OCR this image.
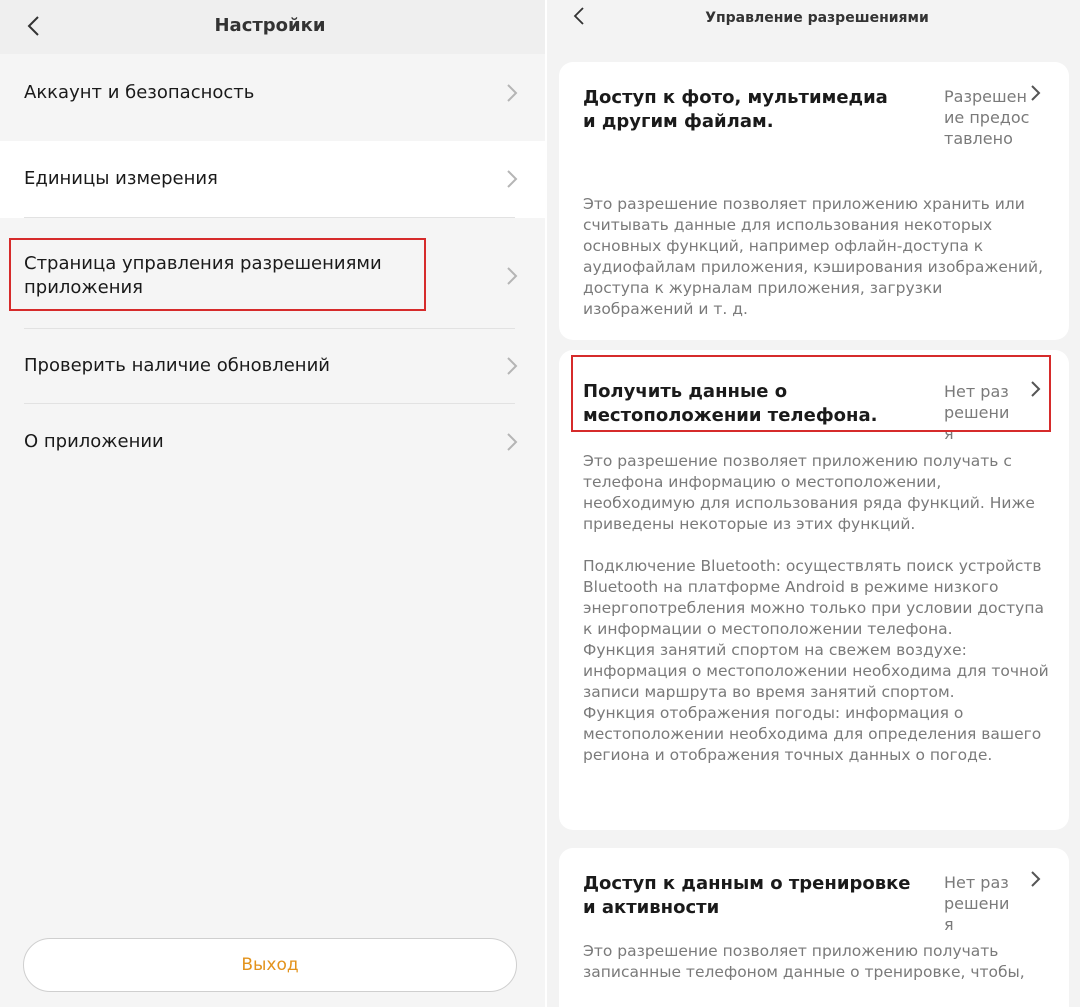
Настройки
Аккаунт и безопасность
Единицы измерения
Страница управления разрешениями
приложения
Проверить наличие обновлений
О приложении
Выход
Управление разрешениями
Доступ к фото, мультимедиа и другим файлам.
Разрешение предоставлено
Это разрешение позволяет приложению хранить или считывать данные для использования некоторых основных функций, например офлайн-доступа к аудиофайлам приложения, кэширования изображений, доступа к журналам приложения, загрузки изображений и т. д.
Получить данные о местоположении телефона.
Нет разрешения
Это разрешение позволяет приложению получать с телефона информацию о местоположении, необходимую для использования ряда функций. Ниже приведены некоторые из этих функций.

Подключение Bluetooth: осуществлять поиск устройств Bluetooth на платформе Android в режиме низкого энергопотребления можно только при условии доступа к информации о местоположении телефона.
Функция занятий спортом на свежем воздухе: информация о местоположении необходима для точной записи маршрута во время занятий спортом.
Функция отображения погоды: информация о местоположении необходима для определения вашего региона и отображения точных данных о погоде.
Доступ к данным о тренировке и активности
Нет разрешения
Это разрешение позволяет приложению получать записанные телефоном данные о тренировке, чтобы,
